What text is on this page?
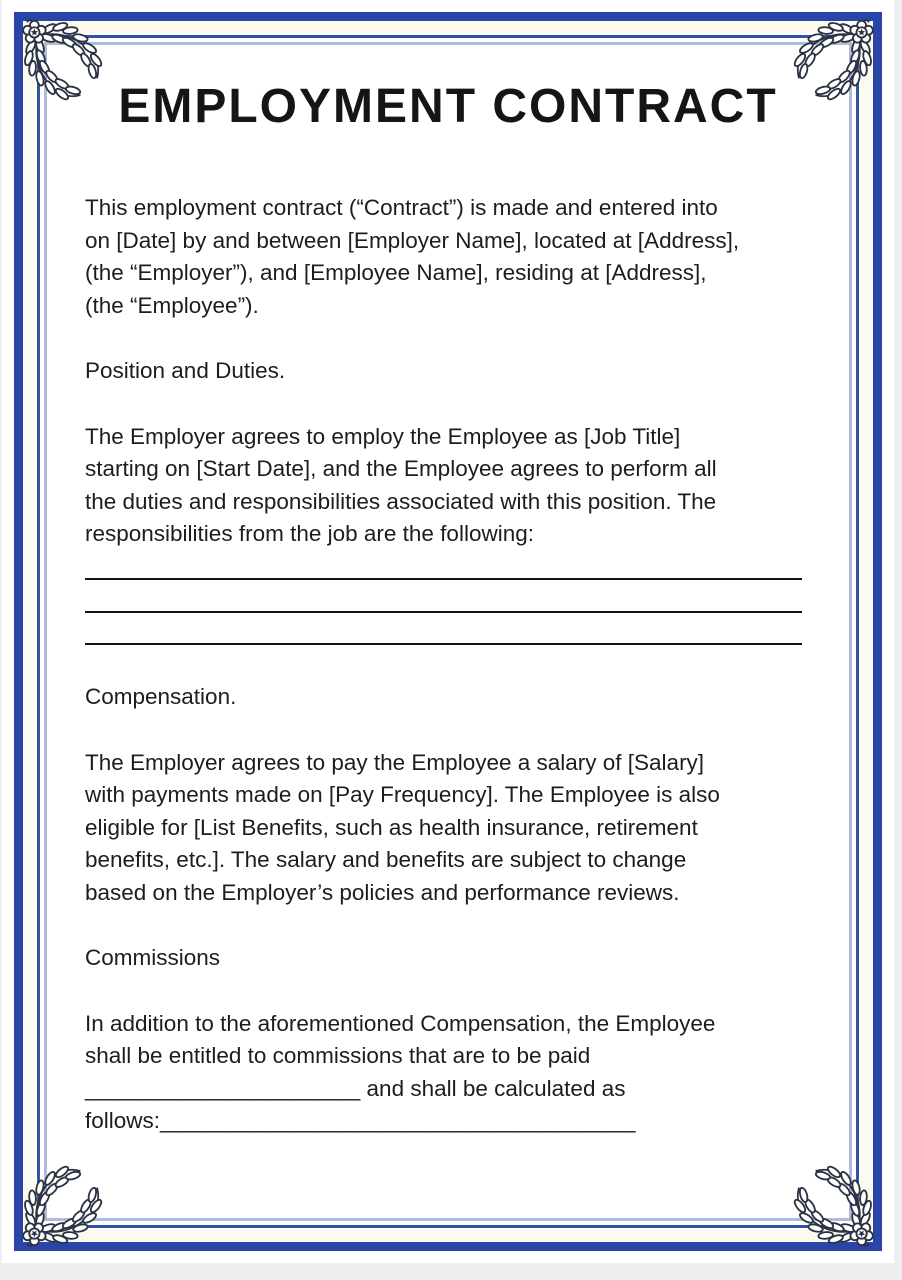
EMPLOYMENT CONTRACT
This employment contract (“Contract”) is made and entered into
on [Date] by and between [Employer Name], located at [Address],
(the “Employer”), and [Employee Name], residing at [Address],
(the “Employee”).
Position and Duties.
The Employer agrees to employ the Employee as [Job Title]
starting on [Start Date], and the Employee agrees to perform all
the duties and responsibilities associated with this position. The
responsibilities from the job are the following:
Compensation.
The Employer agrees to pay the Employee a salary of [Salary]
with payments made on [Pay Frequency]. The Employee is also
eligible for [List Benefits, such as health insurance, retirement
benefits, etc.]. The salary and benefits are subject to change
based on the Employer’s policies and performance reviews.
Commissions
In addition to the aforementioned Compensation, the Employee
shall be entitled to commissions that are to be paid
______________________ and shall be calculated as
follows:______________________________________
